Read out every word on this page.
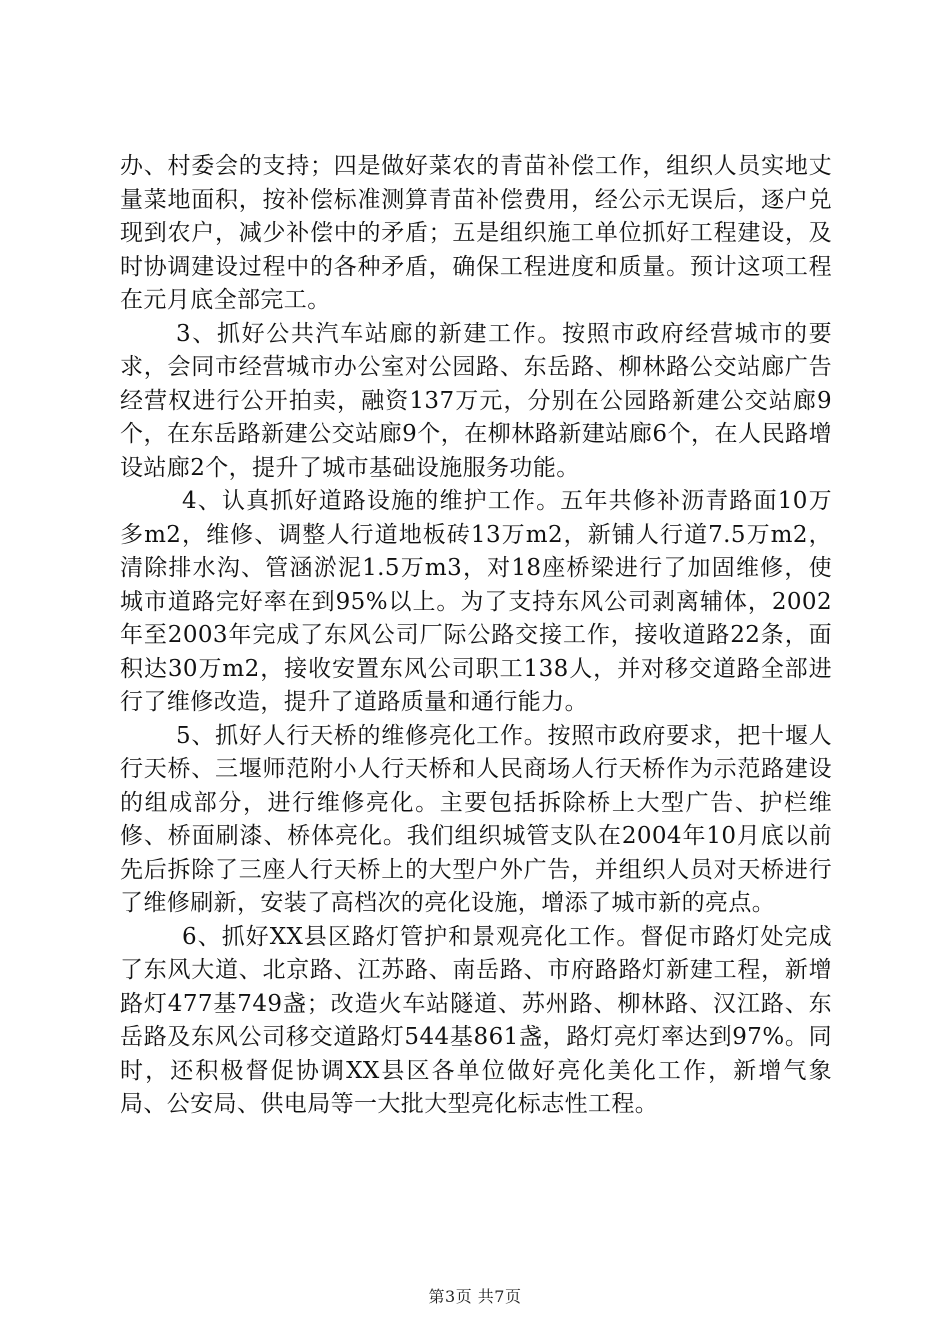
办、村委会的支持；四是做好菜农的青苗补偿工作，组织人员实地丈量菜地面积，按补偿标准测算青苗补偿费用，经公示无误后，逐户兑现到农户，减少补偿中的矛盾；五是组织施工单位抓好工程建设，及时协调建设过程中的各种矛盾，确保工程进度和质量。预计这项工程在元月底全部完工。

3、抓好公共汽车站廊的新建工作。按照市政府经营城市的要求，会同市经营城市办公室对公园路、东岳路、柳林路公交站廊广告经营权进行公开拍卖，融资137万元，分别在公园路新建公交站廊9个，在东岳路新建公交站廊9个，在柳林路新建站廊6个，在人民路增设站廊2个，提升了城市基础设施服务功能。

4、认真抓好道路设施的维护工作。五年共修补沥青路面10万多m2，维修、调整人行道地板砖13万m2，新铺人行道7.5万m2，清除排水沟、管涵淤泥1.5万m3，对18座桥梁进行了加固维修，使城市道路完好率在到95%以上。为了支持东风公司剥离辅体，2002年至2003年完成了东风公司厂际公路交接工作，接收道路22条，面积达30万m2，接收安置东风公司职工138人，并对移交道路全部进行了维修改造，提升了道路质量和通行能力。

5、抓好人行天桥的维修亮化工作。按照市政府要求，把十堰人行天桥、三堰师范附小人行天桥和人民商场人行天桥作为示范路建设的组成部分，进行维修亮化。主要包括拆除桥上大型广告、护栏维修、桥面刷漆、桥体亮化。我们组织城管支队在2004年10月底以前先后拆除了三座人行天桥上的大型户外广告，并组织人员对天桥进行了维修刷新，安装了高档次的亮化设施，增添了城市新的亮点。

6、抓好XX县区路灯管护和景观亮化工作。督促市路灯处完成了东风大道、北京路、江苏路、南岳路、市府路路灯新建工程，新增路灯477基749盏；改造火车站隧道、苏州路、柳林路、汉江路、东岳路及东风公司移交道路灯544基861盏，路灯亮灯率达到97%。同时，还积极督促协调XX县区各单位做好亮化美化工作，新增气象局、公安局、供电局等一大批大型亮化标志性工程。

第3页 共7页
